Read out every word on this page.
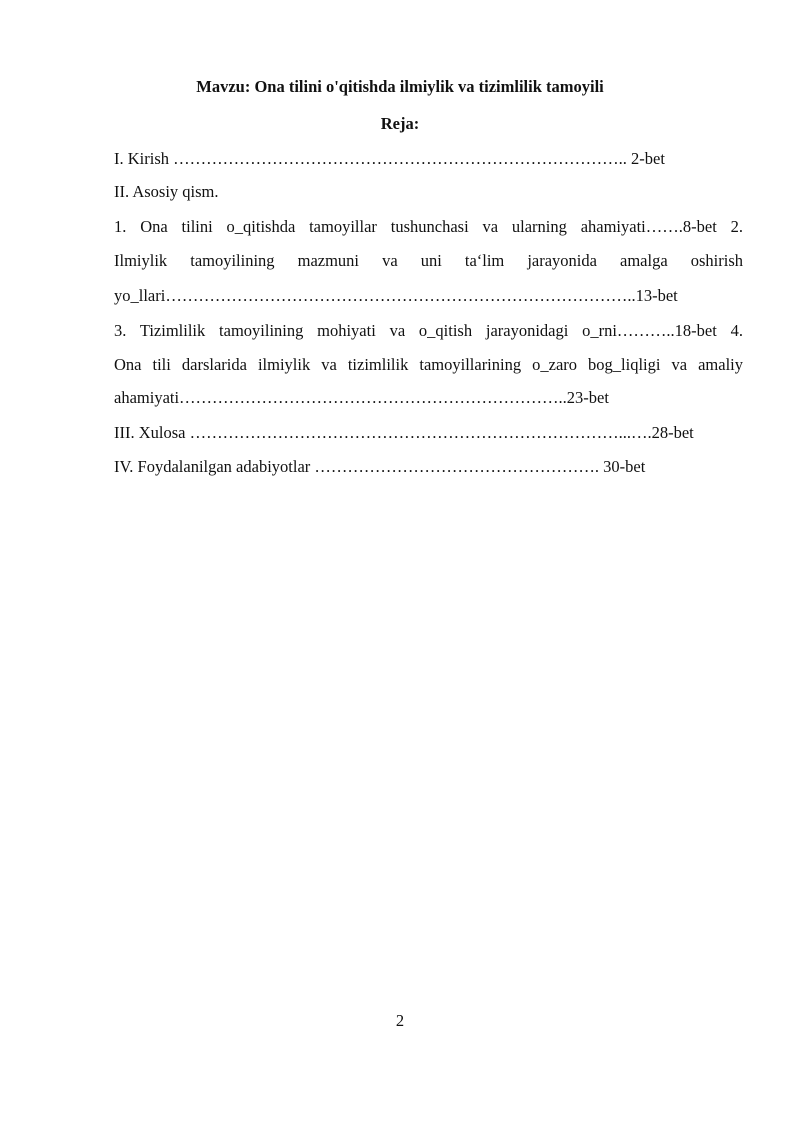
Mavzu: Ona tilini o'qitishda ilmiylik va tizimlilik tamoyili
Reja:
I. Kirish ……………………………………………………………………….. 2-bet
II. Asosiy qism.
1. Ona tilini o_qitishda tamoyillar tushunchasi va ularning ahamiyati…….8-bet 2.
Ilmiylik tamoyilining mazmuni va uni ta‘lim jarayonida amalga oshirish
yo_llari…………………………………………………………………………..13-bet
3. Tizimlilik tamoyilining mohiyati va o_qitish jarayonidagi o_rni………..18-bet 4.
Ona tili darslarida ilmiylik va tizimlilik tamoyillarining o_zaro bog_liqligi va amaliy
ahamiyati……………………………………………………………..23-bet
III. Xulosa ……………………………………………………………………...….28-bet
IV. Foydalanilgan adabiyotlar ……………………………………………. 30-bet
2
